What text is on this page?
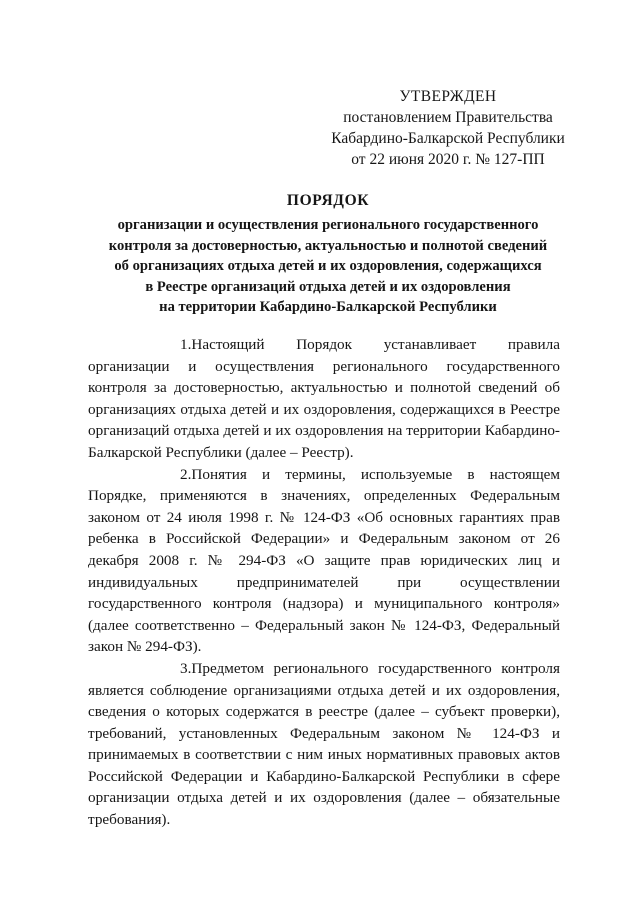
УТВЕРЖДЕН
постановлением Правительства
Кабардино-Балкарской Республики
от 22 июня 2020 г. № 127-ПП
ПОРЯДОК
организации и осуществления регионального государственного
контроля за достоверностью, актуальностью и полнотой сведений
об организациях отдыха детей и их оздоровления, содержащихся
в Реестре организаций отдыха детей и их оздоровления
на территории Кабардино-Балкарской Республики

1.Настоящий Порядок устанавливает правила организации и осуществления регионального государственного контроля за достоверностью, актуальностью и полнотой сведений об организациях отдыха детей и их оздоровления, содержащихся в Реестре организаций отдыха детей и их оздоровления на территории Кабардино-Балкарской Республики (далее – Реестр).

2.Понятия и термины, используемые в настоящем Порядке, применяются в значениях, определенных Федеральным законом от 24 июля 1998 г. № 124-ФЗ «Об основных гарантиях прав ребенка в Российской Федерации» и Федеральным законом от 26 декабря 2008 г. № 294-ФЗ «О защите прав юридических лиц и индивидуальных предпринимателей при осуществлении государственного контроля (надзора) и муниципального контроля» (далее соответственно – Федеральный закон № 124-ФЗ, Федеральный закон № 294-ФЗ).

3.Предметом регионального государственного контроля является соблюдение организациями отдыха детей и их оздоровления, сведения о которых содержатся в реестре (далее – субъект проверки), требований, установленных Федеральным законом № 124-ФЗ и принимаемых в соответствии с ним иных нормативных правовых актов Российской Федерации и Кабардино-Балкарской Республики в сфере организации отдыха детей и их оздоровления (далее – обязательные требования).
